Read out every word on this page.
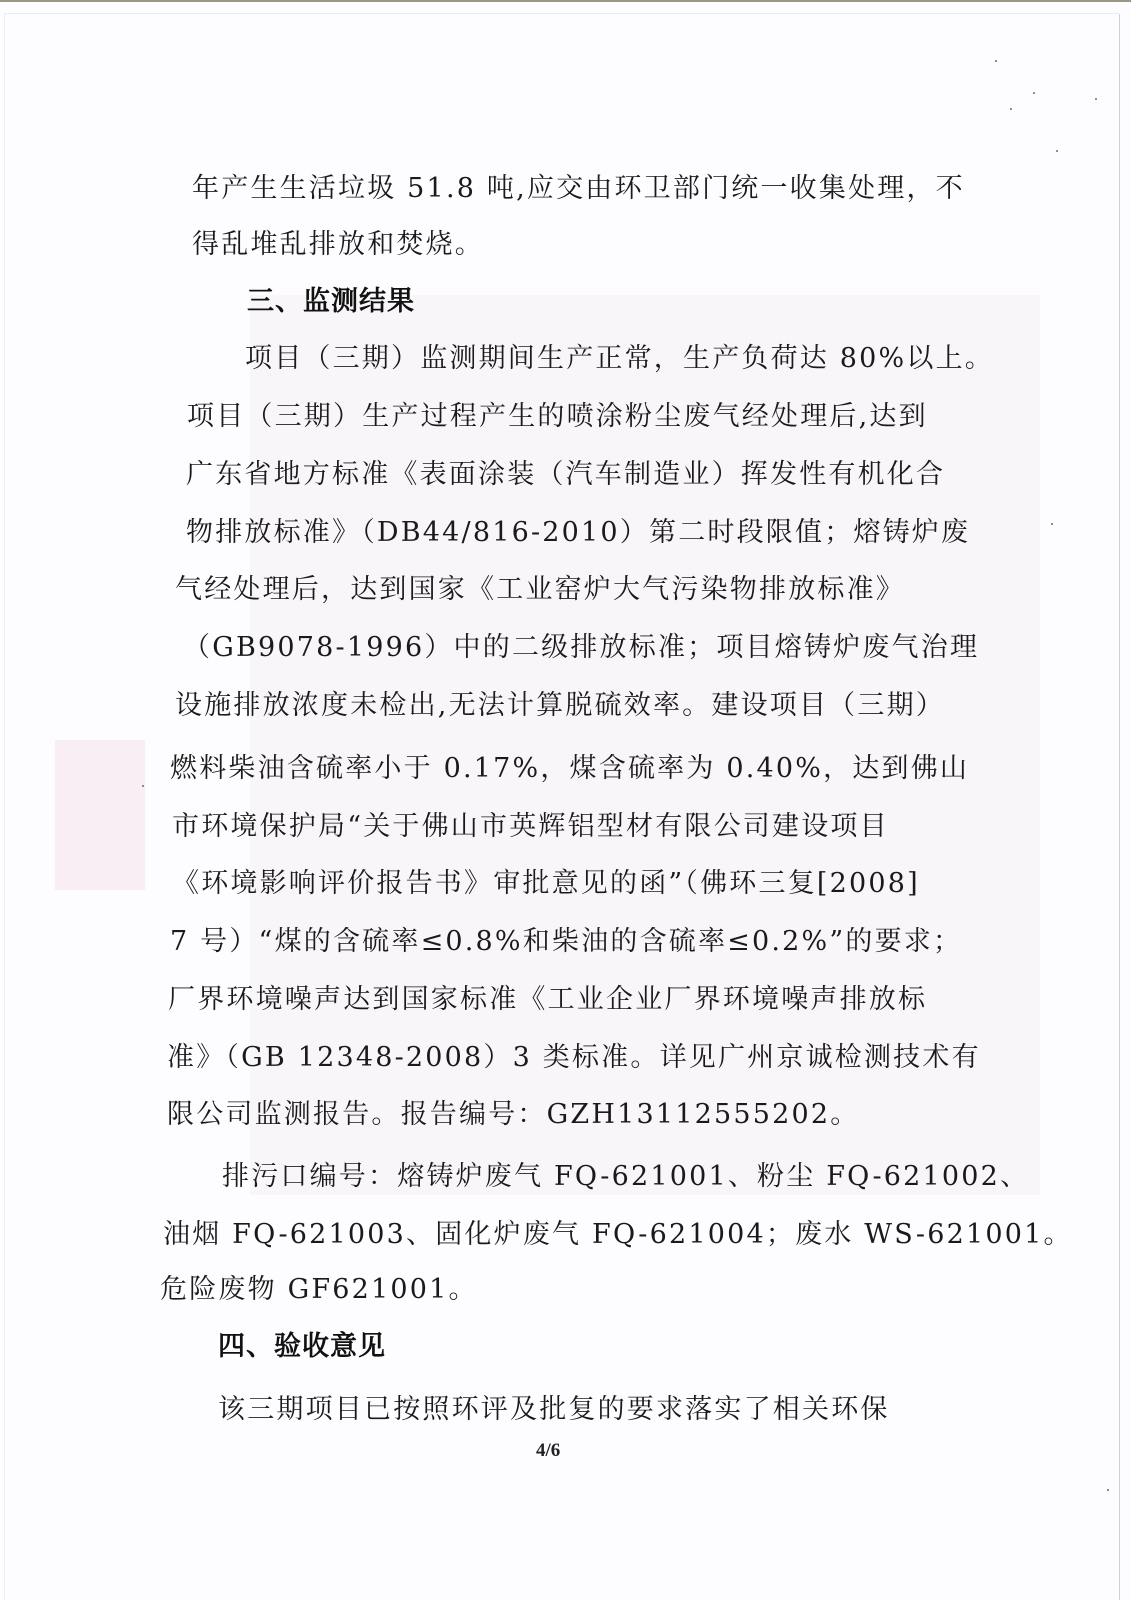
年产生生活垃圾 51.8 吨,应交由环卫部门统一收集处理，不
得乱堆乱排放和焚烧。
三、监测结果
项目（三期）监测期间生产正常，生产负荷达 80%以上。
项目（三期）生产过程产生的喷涂粉尘废气经处理后,达到
广东省地方标准《表面涂装（汽车制造业）挥发性有机化合
物排放标准》（DB44/816-2010）第二时段限值；熔铸炉废
气经处理后，达到国家《工业窑炉大气污染物排放标准》
（GB9078-1996）中的二级排放标准；项目熔铸炉废气治理
设施排放浓度未检出,无法计算脱硫效率。建设项目（三期）
燃料柴油含硫率小于 0.17%，煤含硫率为 0.40%，达到佛山
市环境保护局“关于佛山市英辉铝型材有限公司建设项目
《环境影响评价报告书》审批意见的函”（佛环三复[2008]
7 号）“煤的含硫率≤0.8%和柴油的含硫率≤0.2%”的要求；
厂界环境噪声达到国家标准《工业企业厂界环境噪声排放标
准》（GB 12348-2008）3 类标准。详见广州京诚检测技术有
限公司监测报告。报告编号：GZH13112555202。
排污口编号：熔铸炉废气 FQ-621001、粉尘 FQ-621002、
油烟 FQ-621003、固化炉废气 FQ-621004；废水 WS-621001。
危险废物 GF621001。
四、验收意见
该三期项目已按照环评及批复的要求落实了相关环保
4/6
